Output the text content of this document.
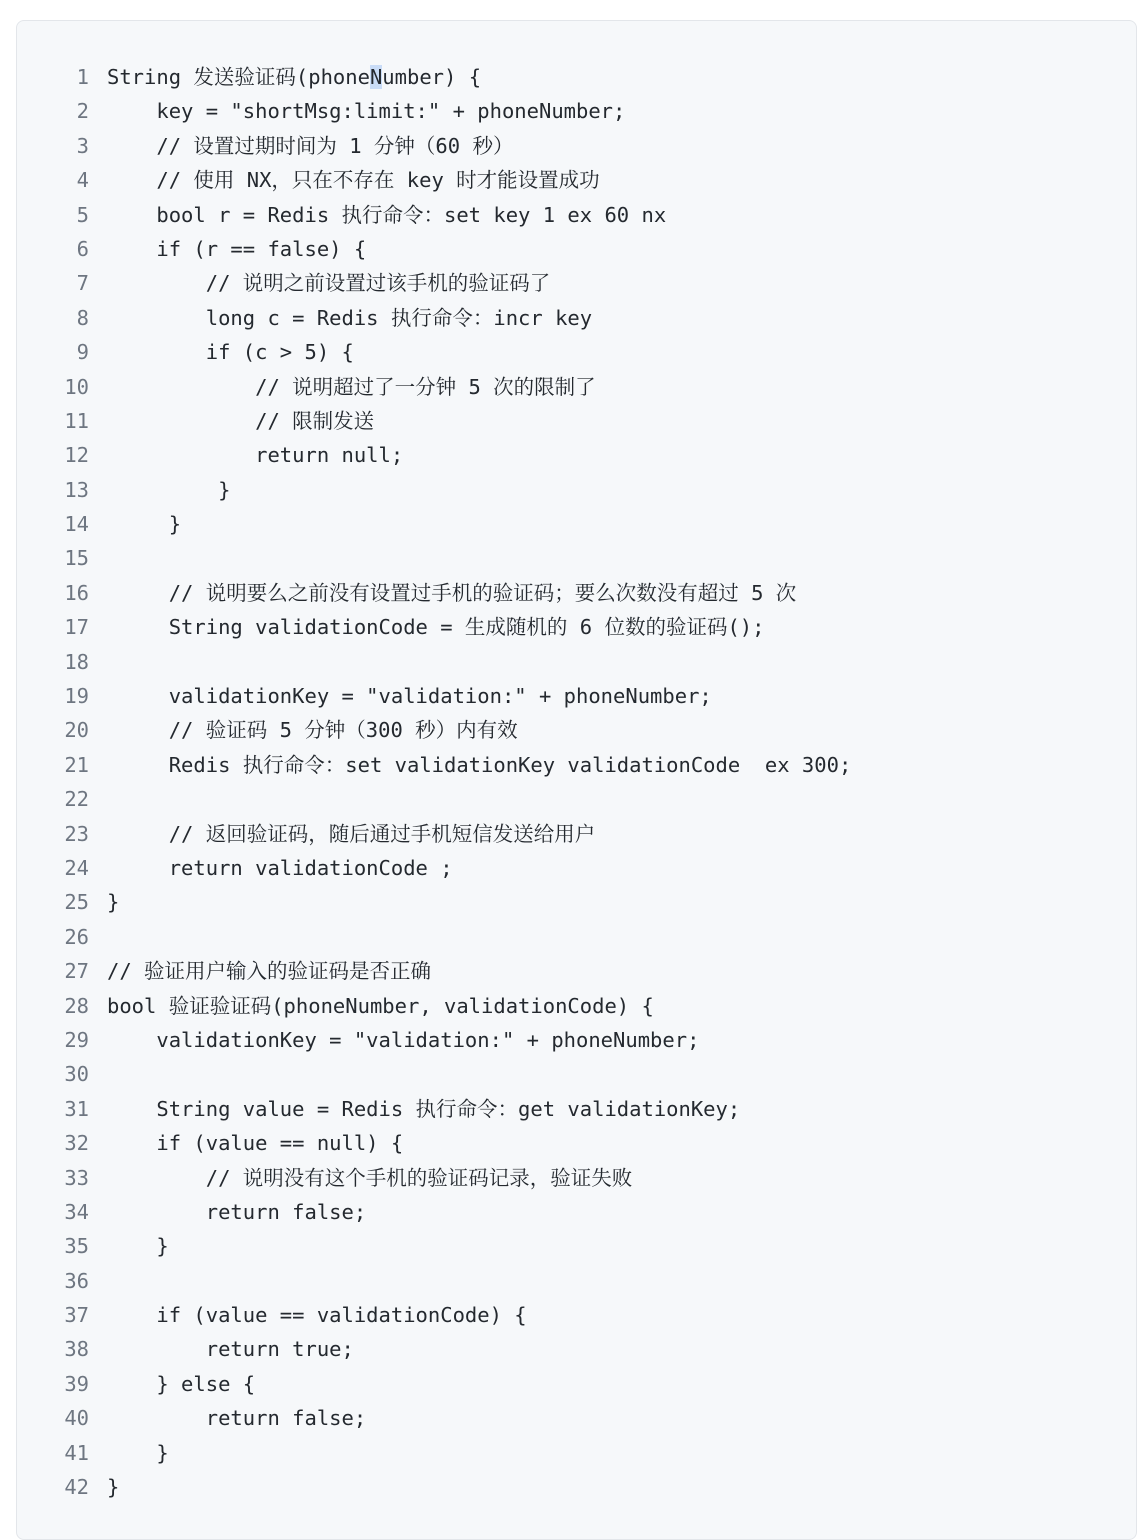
1 String 发送验证码(phoneNumber) {
2 key = "shortMsg:limit:" + phoneNumber;
3 // 设置过期时间为 1 分钟（60 秒）
4 // 使用 NX，只在不存在 key 时才能设置成功
5 bool r = Redis 执行命令：set key 1 ex 60 nx
6 if (r == false) {
7 // 说明之前设置过该手机的验证码了
8 long c = Redis 执行命令：incr key
9 if (c > 5) {
10 // 说明超过了一分钟 5 次的限制了
11 // 限制发送
12 return null;
13 }
14 }
15
16 // 说明要么之前没有设置过手机的验证码；要么次数没有超过 5 次
17 String validationCode = 生成随机的 6 位数的验证码();
18
19 validationKey = "validation:" + phoneNumber;
20 // 验证码 5 分钟（300 秒）内有效
21 Redis 执行命令：set validationKey validationCode  ex 300;
22
23 // 返回验证码，随后通过手机短信发送给用户
24 return validationCode ;
25 }
26
27 // 验证用户输入的验证码是否正确
28 bool 验证验证码(phoneNumber, validationCode) {
29 validationKey = "validation:" + phoneNumber;
30
31 String value = Redis 执行命令：get validationKey;
32 if (value == null) {
33 // 说明没有这个手机的验证码记录，验证失败
34 return false;
35 }
36
37 if (value == validationCode) {
38 return true;
39 } else {
40 return false;
41 }
42 }
